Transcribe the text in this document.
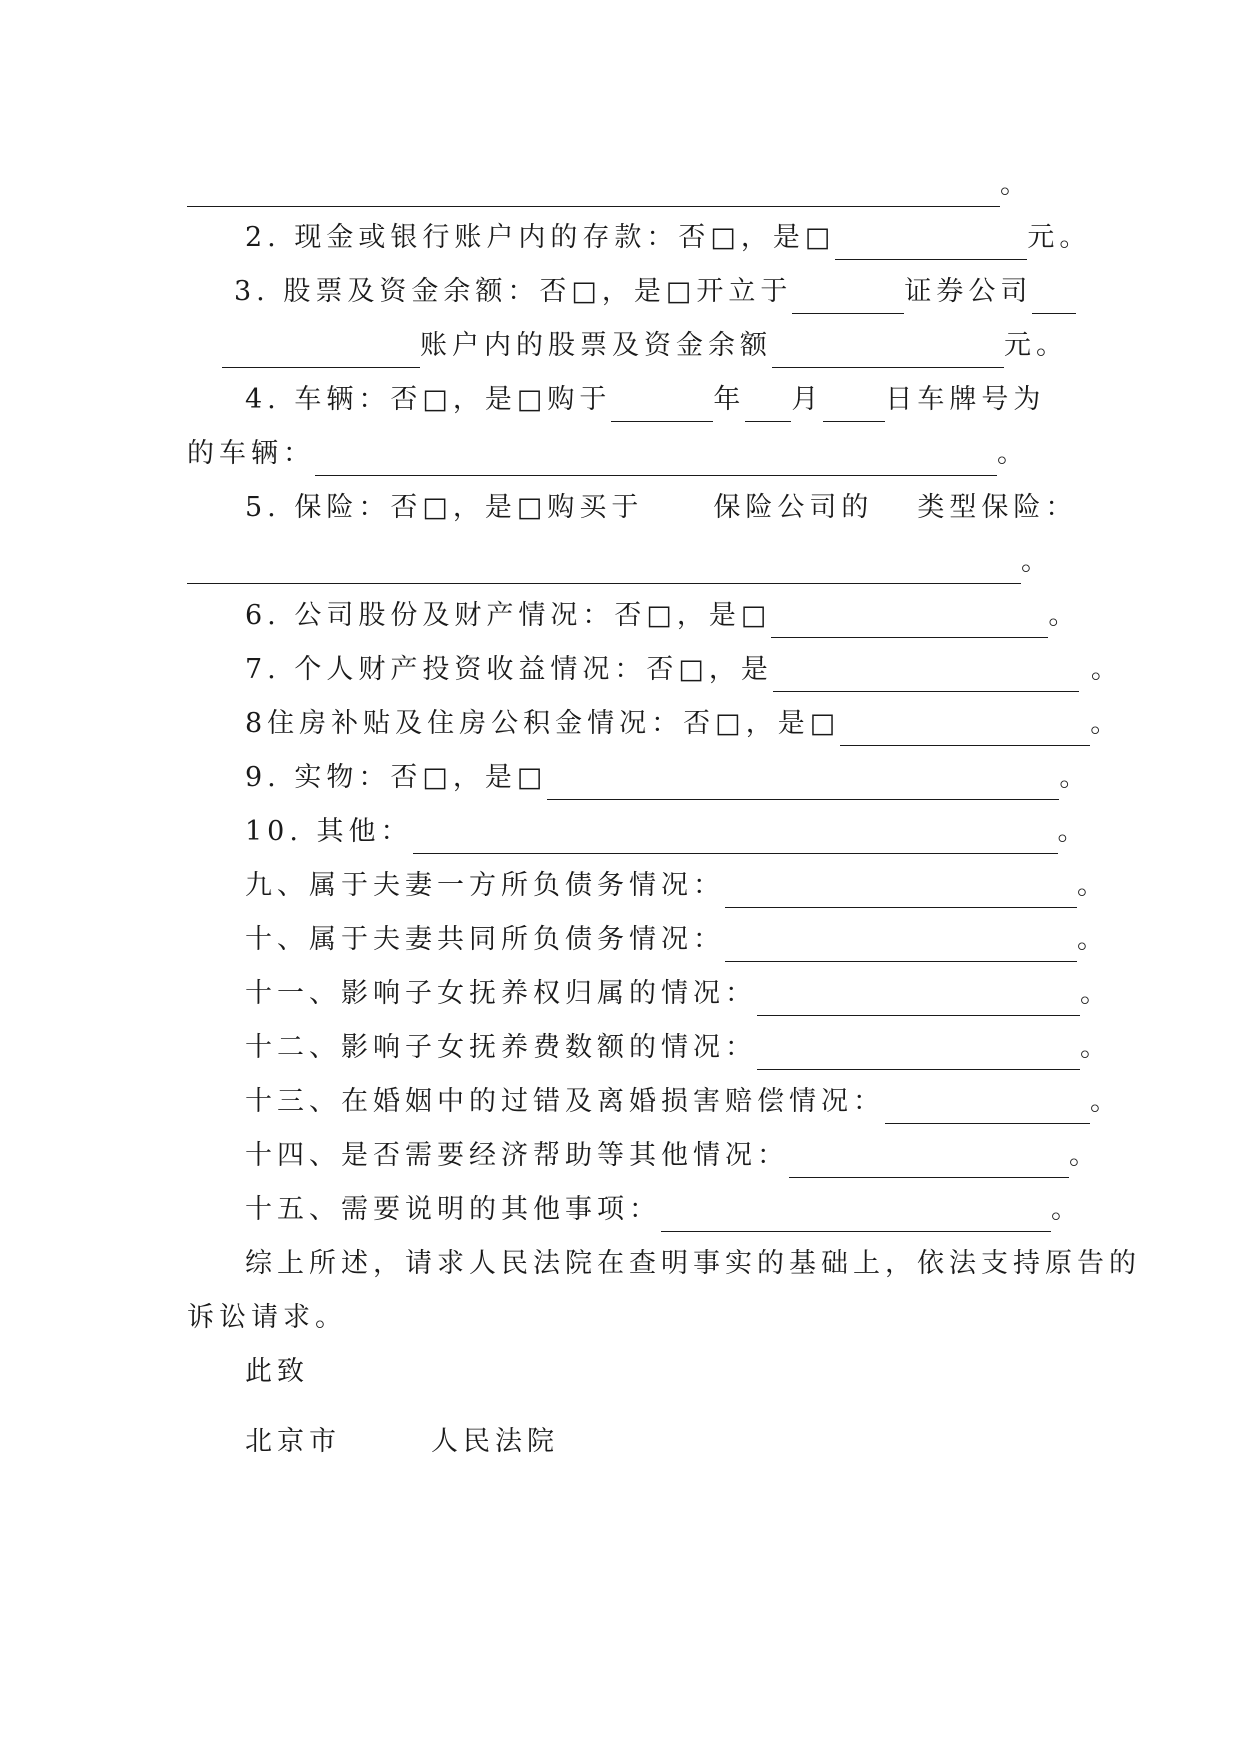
。
2. 现金或银行账户内的存款：否□，是□	元。
3. 股票及资金余额：否□，是□开立于	证券公司
账户内的股票及资金余额	元。
4. 车辆：否□，是□购于	年 月 日车牌号为
的车辆：	。
5. 保险：否□，是□购买于	保险公司的 类型保险：
。
6. 公司股份及财产情况：否□，是□	。
7. 个人财产投资收益情况：否□，是	。
8住房补贴及住房公积金情况：否□，是□	。
9. 实物：否□，是□	。
10. 其他：	。
九、属于夫妻一方所负债务情况：	。
十、属于夫妻共同所负债务情况：	。
十一、影响子女抚养权归属的情况：	。
十二、影响子女抚养费数额的情况：	。
十三、在婚姻中的过错及离婚损害赔偿情况：	。
十四、是否需要经济帮助等其他情况：	。
十五、需要说明的其他事项：	。
综上所述，请求人民法院在查明事实的基础上，依法支持原告的
诉讼请求。
此致
北京市	人民法院
